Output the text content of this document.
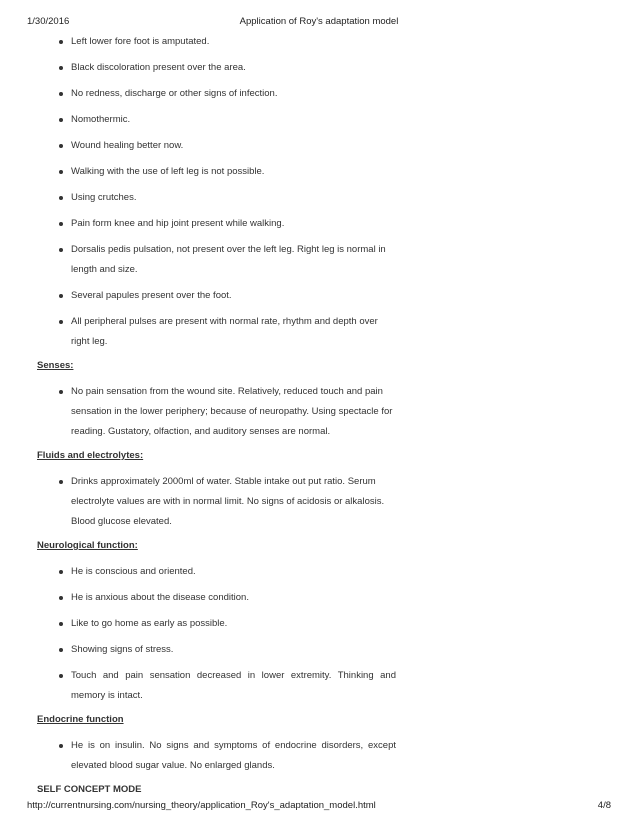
1/30/2016	Application of Roy's adaptation model
Left lower fore foot is amputated.
Black discoloration present over the area.
No redness, discharge or other signs of infection.
Nomothermic.
Wound healing better now.
Walking with the use of left leg is not possible.
Using crutches.
Pain form knee and hip joint present while walking.
Dorsalis pedis pulsation, not present over the left leg. Right leg is normal in length and size.
Several papules present over the foot.
All peripheral pulses are present with normal rate, rhythm and depth over right leg.
Senses:
No pain sensation from the wound site. Relatively, reduced touch and pain sensation in the lower periphery; because of neuropathy. Using spectacle for reading. Gustatory, olfaction, and auditory senses are normal.
Fluids and electrolytes:
Drinks approximately 2000ml of water. Stable intake out put ratio. Serum electrolyte values are with in normal limit. No signs of acidosis or alkalosis. Blood glucose elevated.
Neurological function:
He is conscious and oriented.
He is anxious about the disease condition.
Like to go home as early as possible.
Showing signs of stress.
Touch and pain sensation decreased in lower extremity. Thinking and memory is intact.
Endocrine function
He is on insulin. No signs and symptoms of endocrine disorders, except elevated blood sugar value. No enlarged glands.
SELF CONCEPT MODE
http://currentnursing.com/nursing_theory/application_Roy's_adaptation_model.html	4/8
